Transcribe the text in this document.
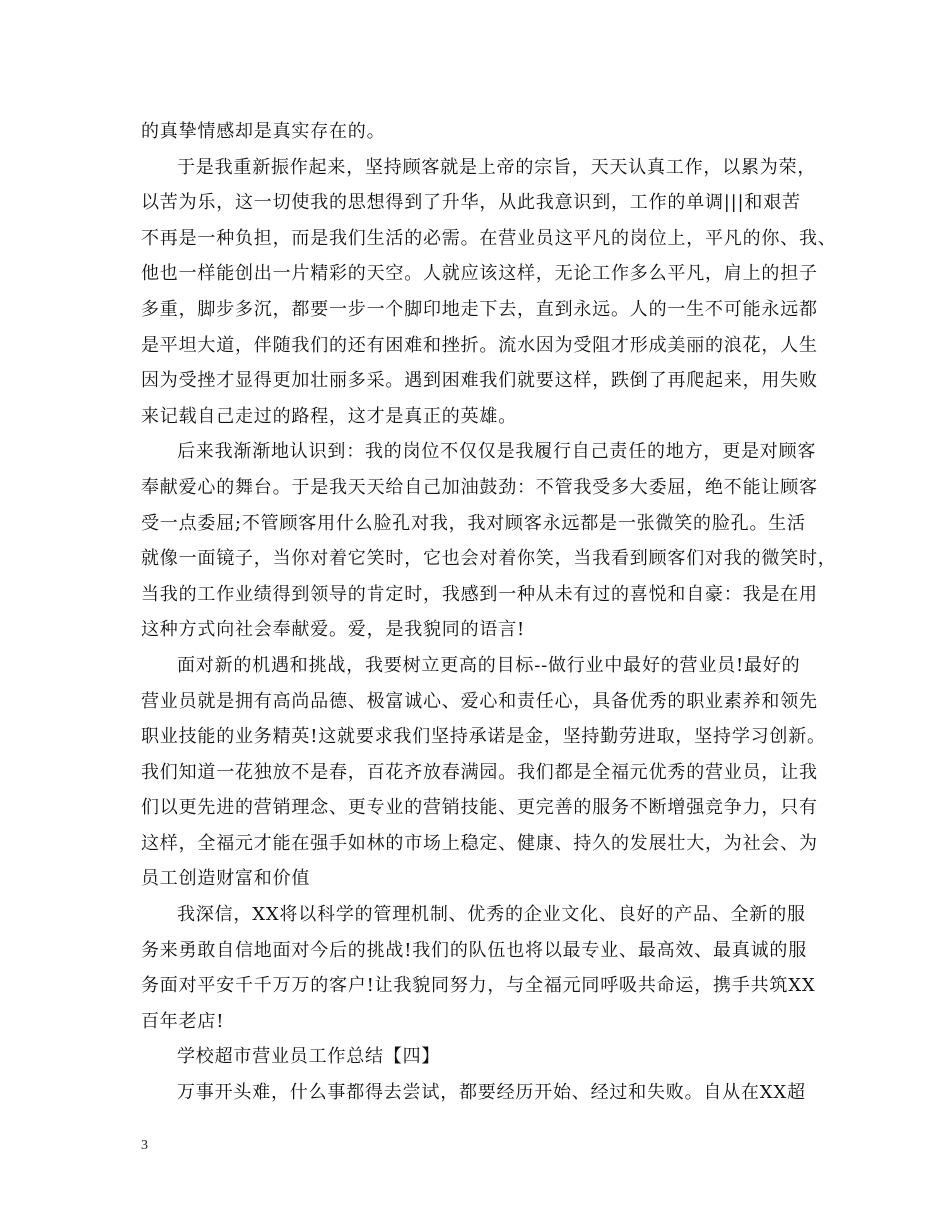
的真挚情感却是真实存在的。
于是我重新振作起来，坚持顾客就是上帝的宗旨，天天认真工作，以累为荣，
以苦为乐，这一切使我的思想得到了升华，从此我意识到，工作的单调|||和艰苦
不再是一种负担，而是我们生活的必需。在营业员这平凡的岗位上，平凡的你、我、
他也一样能创出一片精彩的天空。人就应该这样，无论工作多么平凡，肩上的担子
多重，脚步多沉，都要一步一个脚印地走下去，直到永远。人的一生不可能永远都
是平坦大道，伴随我们的还有困难和挫折。流水因为受阻才形成美丽的浪花，人生
因为受挫才显得更加壮丽多采。遇到困难我们就要这样，跌倒了再爬起来，用失败
来记载自己走过的路程，这才是真正的英雄。
后来我渐渐地认识到：我的岗位不仅仅是我履行自己责任的地方，更是对顾客
奉献爱心的舞台。于是我天天给自己加油鼓劲：不管我受多大委屈，绝不能让顾客
受一点委屈;不管顾客用什么脸孔对我，我对顾客永远都是一张微笑的脸孔。生活
就像一面镜子，当你对着它笑时，它也会对着你笑，当我看到顾客们对我的微笑时，
当我的工作业绩得到领导的肯定时，我感到一种从未有过的喜悦和自豪：我是在用
这种方式向社会奉献爱。爱，是我貌同的语言!
面对新的机遇和挑战，我要树立更高的目标--做行业中最好的营业员!最好的
营业员就是拥有高尚品德、极富诚心、爱心和责任心，具备优秀的职业素养和领先
职业技能的业务精英!这就要求我们坚持承诺是金，坚持勤劳进取，坚持学习创新。
我们知道一花独放不是春，百花齐放春满园。我们都是全福元优秀的营业员，让我
们以更先进的营销理念、更专业的营销技能、更完善的服务不断增强竞争力，只有
这样，全福元才能在强手如林的市场上稳定、健康、持久的发展壮大，为社会、为
员工创造财富和价值
我深信，XX将以科学的管理机制、优秀的企业文化、良好的产品、全新的服
务来勇敢自信地面对今后的挑战!我们的队伍也将以最专业、最高效、最真诚的服
务面对平安千千万万的客户!让我貌同努力，与全福元同呼吸共命运，携手共筑XX
百年老店!
学校超市营业员工作总结【四】
万事开头难，什么事都得去尝试，都要经历开始、经过和失败。自从在XX超
3
